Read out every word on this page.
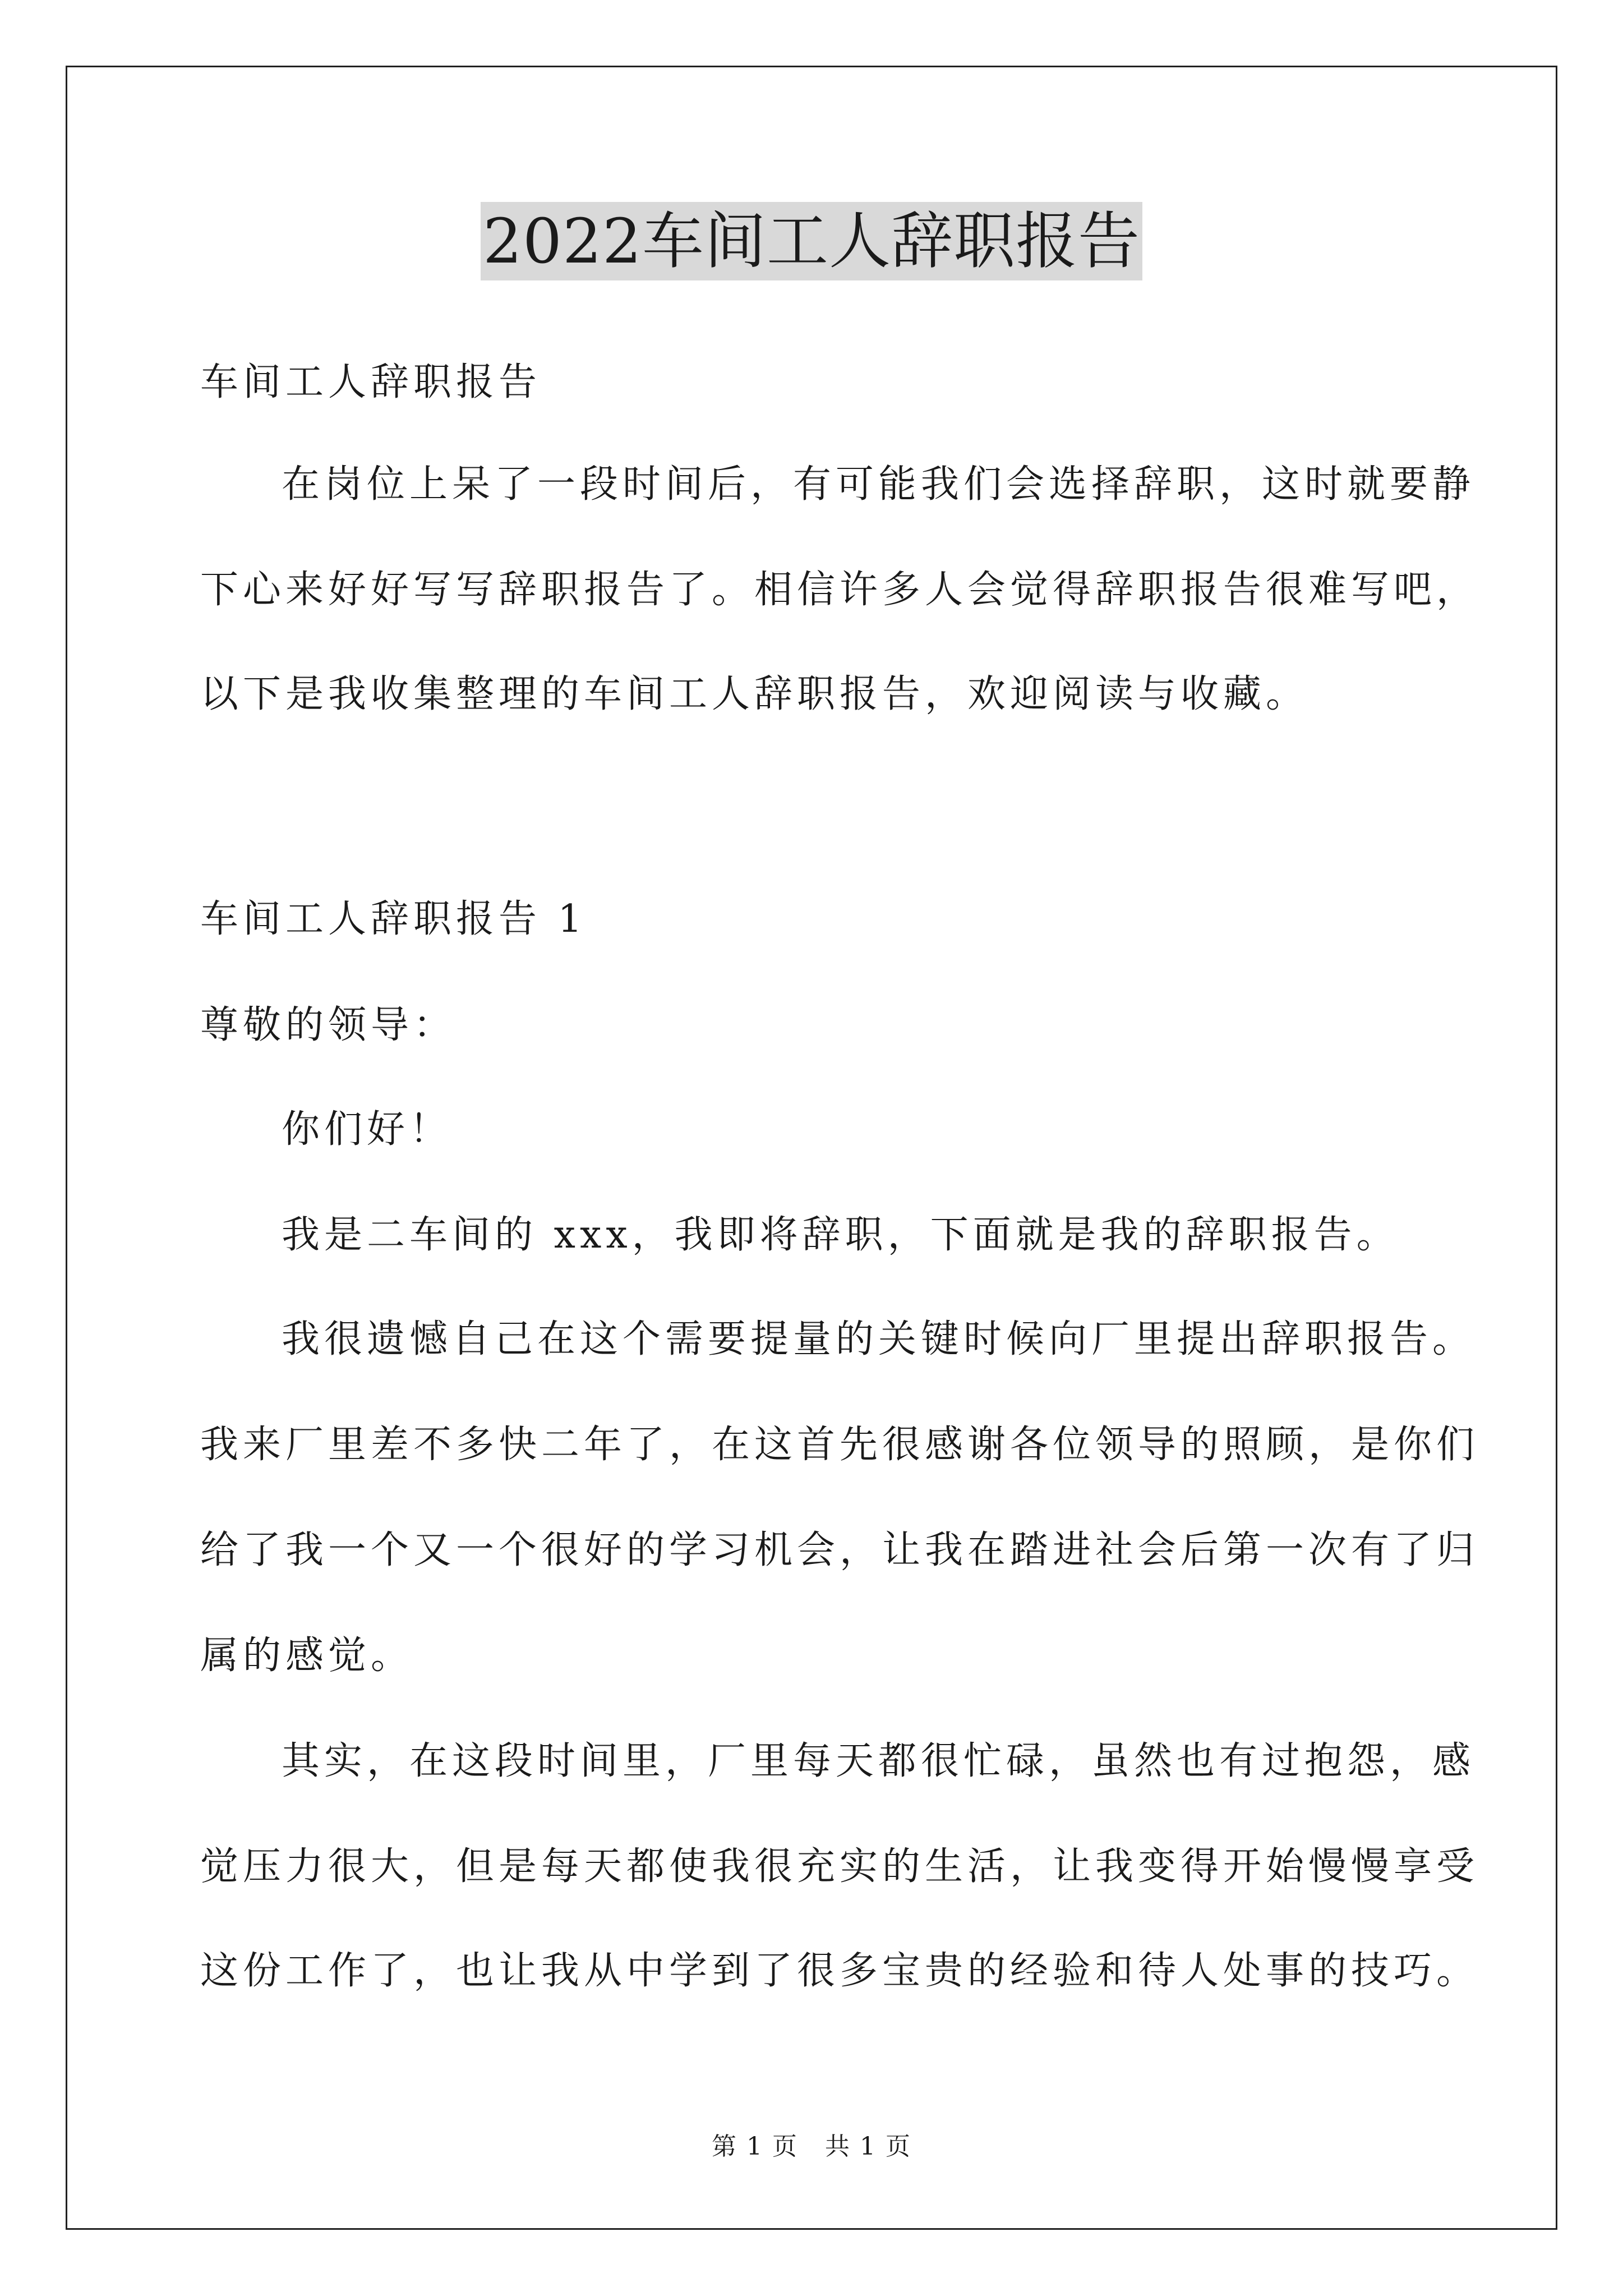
2022车间工人辞职报告
车间工人辞职报告
在岗位上呆了一段时间后，有可能我们会选择辞职，这时就要静
下心来好好写写辞职报告了。相信许多人会觉得辞职报告很难写吧，
以下是我收集整理的车间工人辞职报告，欢迎阅读与收藏。
车间工人辞职报告 1
尊敬的领导：
你们好！
我是二车间的 xxx，我即将辞职，下面就是我的辞职报告。
我很遗憾自己在这个需要提量的关键时候向厂里提出辞职报告。
我来厂里差不多快二年了，在这首先很感谢各位领导的照顾，是你们
给了我一个又一个很好的学习机会，让我在踏进社会后第一次有了归
属的感觉。
其实，在这段时间里，厂里每天都很忙碌，虽然也有过抱怨，感
觉压力很大，但是每天都使我很充实的生活，让我变得开始慢慢享受
这份工作了，也让我从中学到了很多宝贵的经验和待人处事的技巧。
第 1 页 共 1 页
